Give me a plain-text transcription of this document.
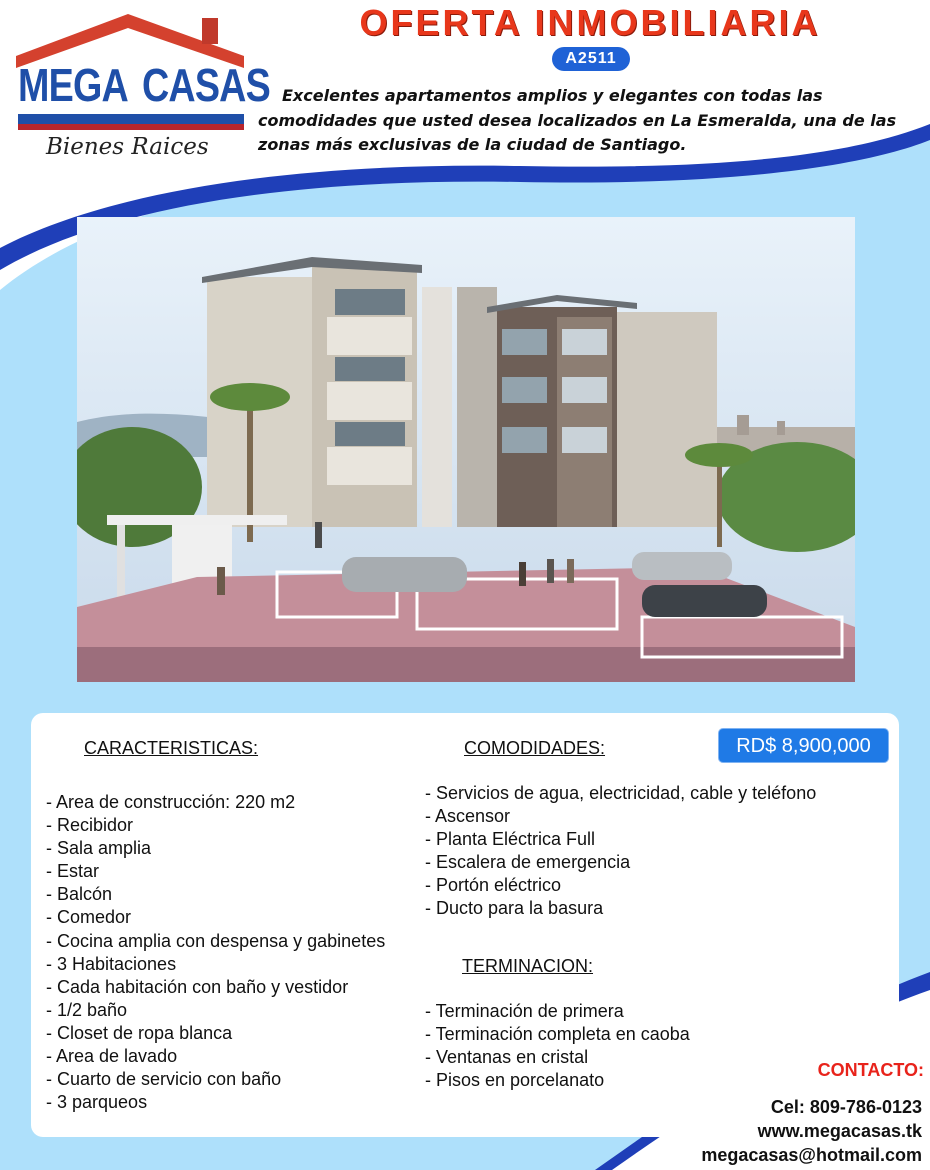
MEGA CASAS
Bienes Raices
OFERTA INMOBILIARIA
A2511
Excelentes apartamentos amplios y elegantes con todas las comodidades que usted desea localizados en La Esmeralda, una de las zonas más exclusivas de la ciudad de Santiago.
CARACTERISTICAS:
- Area de construcción: 220 m2
- Recibidor
- Sala amplia
- Estar
- Balcón
- Comedor
- Cocina amplia con despensa y gabinetes
- 3 Habitaciones
- Cada habitación con baño y vestidor
- 1/2 baño
- Closet de ropa blanca
- Area de lavado
- Cuarto de servicio con baño
- 3 parqueos
COMODIDADES:
- Servicios de agua, electricidad, cable y teléfono
- Ascensor
- Planta Eléctrica Full
- Escalera de emergencia
- Portón eléctrico
- Ducto para la basura
TERMINACION:
- Terminación de primera
- Terminación completa en caoba
- Ventanas en cristal
- Pisos en porcelanato
RD$ 8,900,000
CONTACTO:
Cel: 809-786-0123
www.megacasas.tk
megacasas@hotmail.com
